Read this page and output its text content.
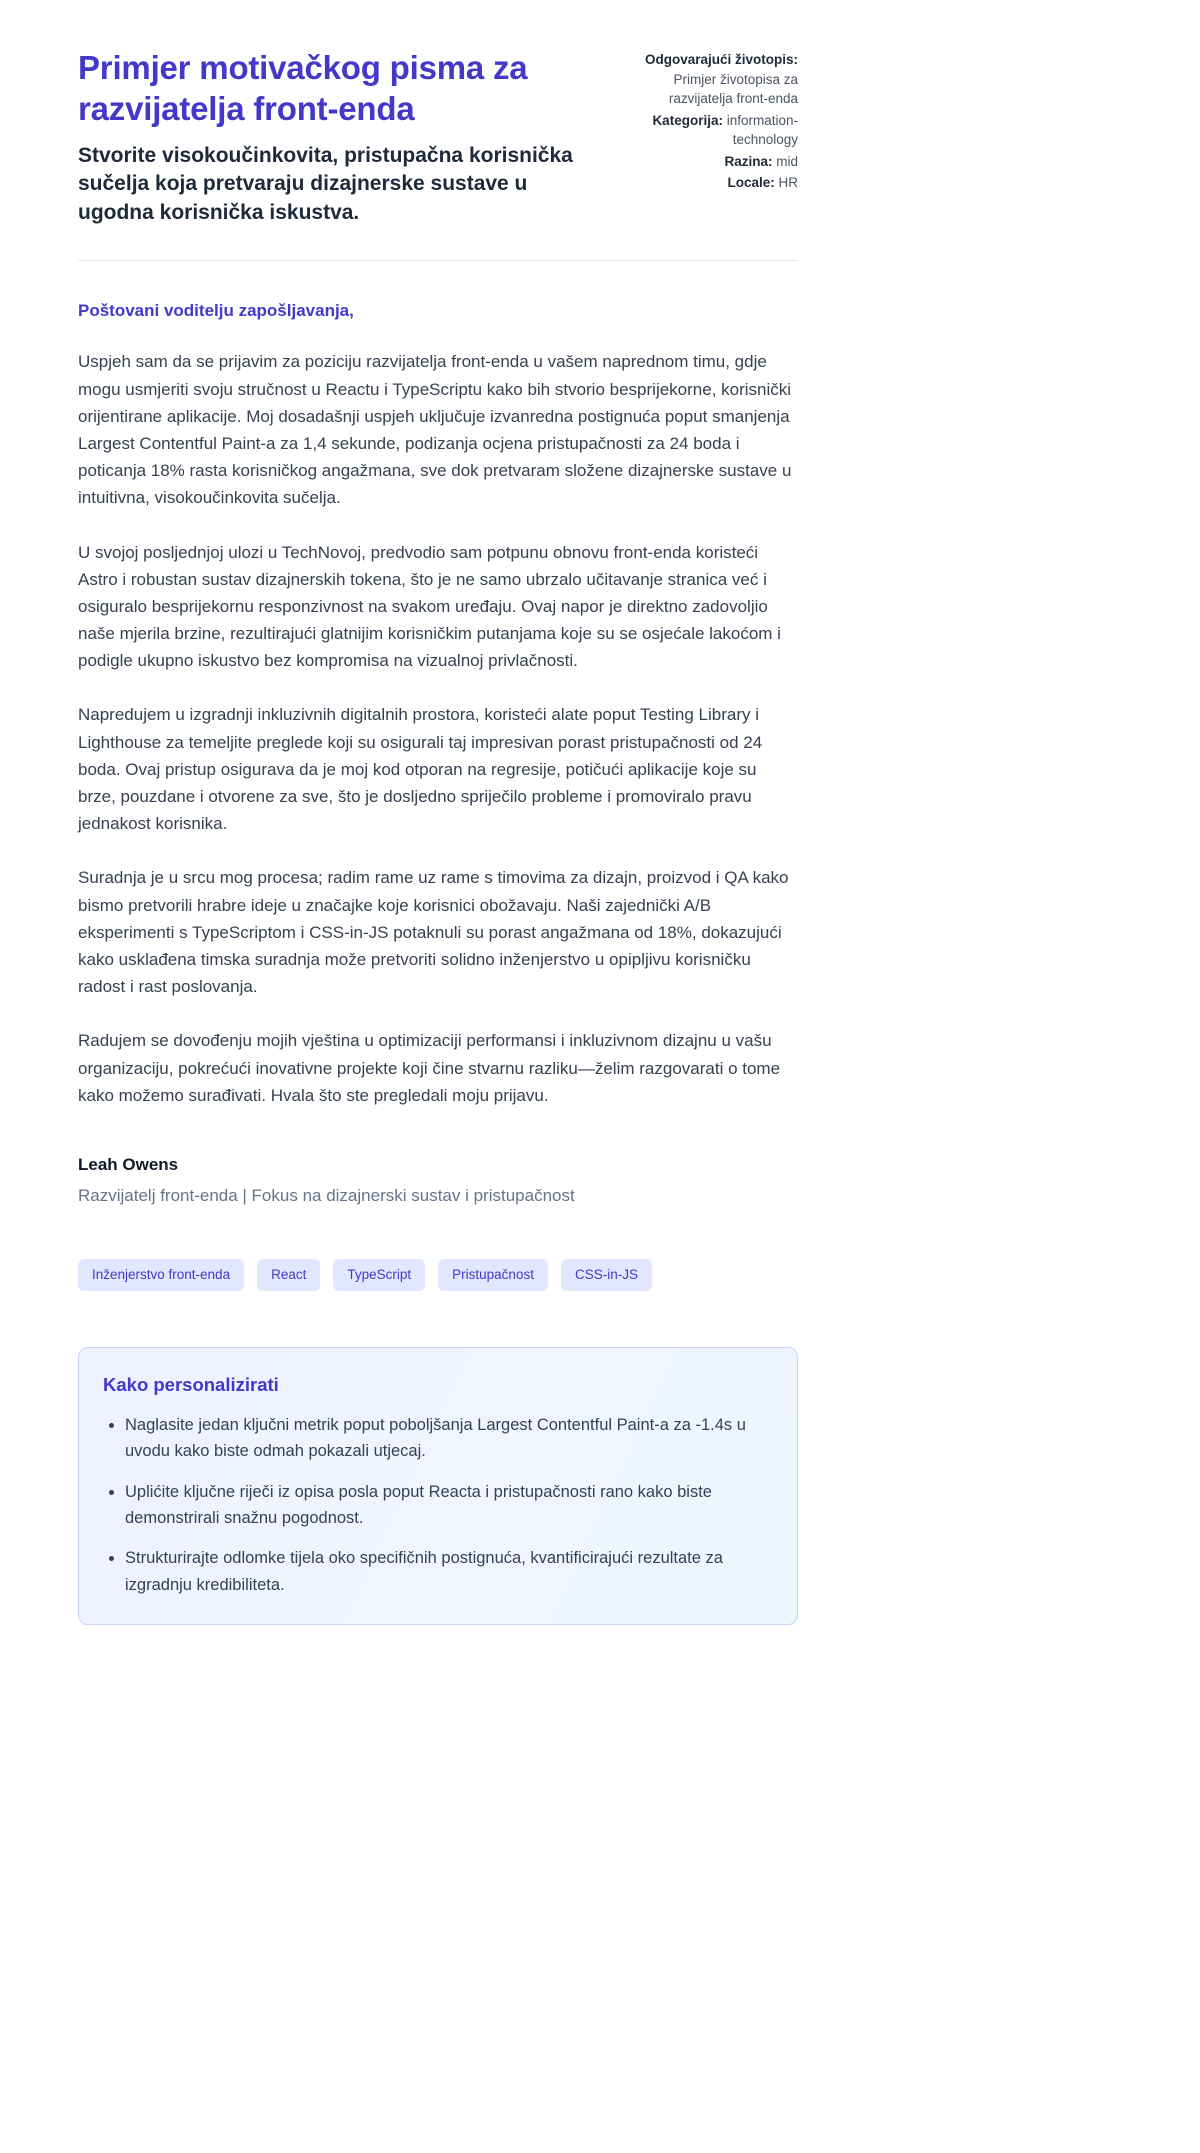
Primjer motivačkog pisma za razvijatelja front-enda

Stvorite visokoučinkovita, pristupačna korisnička sučelja koja pretvaraju dizajnerske sustave u ugodna korisnička iskustva.

Odgovarajući životopis: Primjer životopisa za razvijatelja front-enda
Kategorija: information-technology
Razina: mid
Locale: HR

Poštovani voditelju zapošljavanja,

Uspjeh sam da se prijavim za poziciju razvijatelja front-enda u vašem naprednom timu, gdje mogu usmjeriti svoju stručnost u Reactu i TypeScriptu kako bih stvorio besprijekorne, korisnički orijentirane aplikacije. Moj dosadašnji uspjeh uključuje izvanredna postignuća poput smanjenja Largest Contentful Paint-a za 1,4 sekunde, podizanja ocjena pristupačnosti za 24 boda i poticanja 18% rasta korisničkog angažmana, sve dok pretvaram složene dizajnerske sustave u intuitivna, visokoučinkovita sučelja.

U svojoj posljednjoj ulozi u TechNovoj, predvodio sam potpunu obnovu front-enda koristeći Astro i robustan sustav dizajnerskih tokena, što je ne samo ubrzalo učitavanje stranica već i osiguralo besprijekornu responzivnost na svakom uređaju. Ovaj napor je direktno zadovoljio naše mjerila brzine, rezultirajući glatnijim korisničkim putanjama koje su se osjećale lakoćom i podigle ukupno iskustvo bez kompromisa na vizualnoj privlačnosti.

Napredujem u izgradnji inkluzivnih digitalnih prostora, koristeći alate poput Testing Library i Lighthouse za temeljite preglede koji su osigurali taj impresivan porast pristupačnosti od 24 boda. Ovaj pristup osigurava da je moj kod otporan na regresije, potičući aplikacije koje su brze, pouzdane i otvorene za sve, što je dosljedno spriječilo probleme i promoviralo pravu jednakost korisnika.

Suradnja je u srcu mog procesa; radim rame uz rame s timovima za dizajn, proizvod i QA kako bismo pretvorili hrabre ideje u značajke koje korisnici obožavaju. Naši zajednički A/B eksperimenti s TypeScriptom i CSS-in-JS potaknuli su porast angažmana od 18%, dokazujući kako usklađena timska suradnja može pretvoriti solidno inženjerstvo u opipljivu korisničku radost i rast poslovanja.

Radujem se dovođenju mojih vještina u optimizaciji performansi i inkluzivnom dizajnu u vašu organizaciju, pokrećući inovativne projekte koji čine stvarnu razliku—želim razgovarati o tome kako možemo surađivati. Hvala što ste pregledali moju prijavu.

Leah Owens

Razvijatelj front-enda | Fokus na dizajnerski sustav i pristupačnost

Inženjerstvo front-enda	React	TypeScript	Pristupačnost	CSS-in-JS
Kako personalizirati
• Naglasite jedan ključni metrik poput poboljšanja Largest Contentful Paint-a za -1.4s u uvodu kako biste odmah pokazali utjecaj.
• Uplićite ključne riječi iz opisa posla poput Reacta i pristupačnosti rano kako biste demonstrirali snažnu pogodnost.
• Strukturirajte odlomke tijela oko specifičnih postignuća, kvantificirajući rezultate za izgradnju kredibiliteta.
